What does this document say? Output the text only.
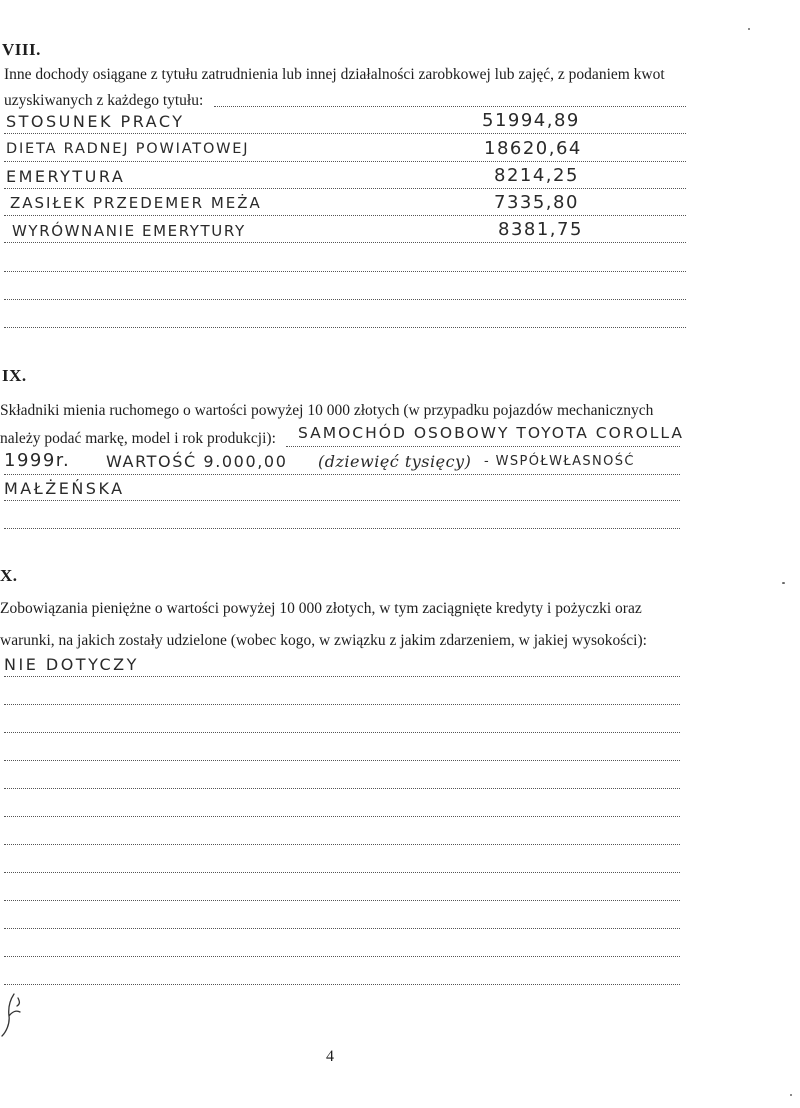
VIII.
Inne dochody osiągane z tytułu zatrudnienia lub innej działalności zarobkowej lub zajęć, z podaniem kwot
uzyskiwanych z każdego tytułu:
STOSUNEK PRACY	51994,89
DIETA RADNEJ POWIATOWEJ	18620,64
EMERYTURA	8214,25
ZASIŁEK PRZEDEMER MEŻA	7335,80
WYRÓWNANIE EMERYTURY	8381,75
IX.
Składniki mienia ruchomego o wartości powyżej 10 000 złotych (w przypadku pojazdów mechanicznych
należy podać markę, model i rok produkcji): SAMOCHÓD OSOBOWY TOYOTA COROLLA
1999r. WARTOŚĆ 9.000,00 (dziewięć tysięcy) - WSPÓŁWŁASNOŚĆ
MAŁŻEŃSKA
X.
Zobowiązania pieniężne o wartości powyżej 10 000 złotych, w tym zaciągnięte kredyty i pożyczki oraz
warunki, na jakich zostały udzielone (wobec kogo, w związku z jakim zdarzeniem, w jakiej wysokości):
NIE DOTYCZY
4
